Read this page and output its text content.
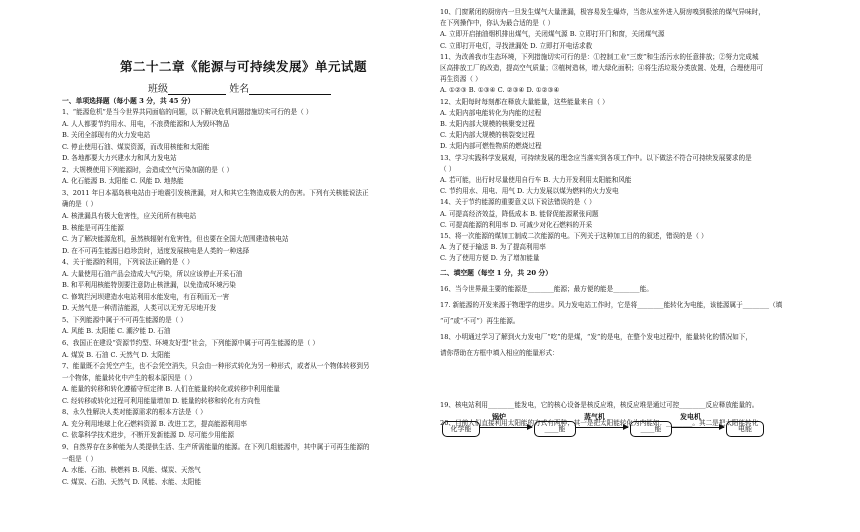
第二十二章《能源与可持续发展》单元试题
班级	姓名
一、单项选择题（每小题 3 分，共 45 分）
1、“能源危机”是当今世界共同面临的问题，以下解决危机问题措施切实可行的是（ ）
A. 人人都要节约用水、用电，不浪费能源和人为毁坏物品
B. 关闭全部现有的火力发电站
C. 停止使用石油、煤炭资源，而改用核能和太阳能
D. 各地都要大力兴建水力和风力发电站
2、大规模使用下列能源时，会造成空气污染加剧的是（ ）
A. 化石能源 B. 太阳能 C. 风能 D. 地热能
3、2011 年日本福岛核电站由于地震引发核泄漏，对人和其它生物造成极大的伤害。下列有关核能说法正
确的是（ ）
A. 核泄漏具有极大危害性，应关闭所有核电站
B. 核能是可再生能源
C. 为了解决能源危机，虽然核辐射有危害性，但也要在全国大范围建造核电站
D. 在不可再生能源日趋珍贵时，适度发展核电是人类的一种选择
4、关于能源的利用，下列说法正确的是（ ）
A. 大量使用石油产品会造成大气污染，所以应该停止开采石油
B. 和平利用核能特别要注意防止核泄漏，以免造成环境污染
C. 修筑拦河坝建造水电站利用水能发电，有百利而无一害
D. 天然气是一种清洁能源，人类可以无穷无尽地开发
5、下列能源中属于不可再生能源的是（ ）
A. 风能 B. 太阳能 C. 潮汐能 D. 石油
6、我国正在建设“资源节约型、环境友好型”社会，下列能源中属于可再生能源的是（ ）
A. 煤炭 B. 石油 C. 天然气 D. 太阳能
7、能量既不会凭空产生，也不会凭空消失，只会由一种形式转化为另一种形式，或者从一个物体转移到另
一个物体，能量转化中产生的根本原因是（ ）
A. 能量的转移和转化遵循守恒定律 B. 人们在能量的转化或转移中利用能量
C. 经转移或转化过程可利用能量增加 D. 能量的转移和转化有方向性
8、永久性解决人类对能源需求的根本方法是（ ）
A. 充分利用地球上化石燃料资源 B. 改进工艺，提高能源利用率
C. 依靠科学技术进步，不断开发新能源 D. 尽可能少用能源
9、自然界存在多种能为人类提供生活、生产所需能量的能源。在下列几组能源中，其中属于可再生能源的
一组是（ ）
A. 水能、石油、核燃料 B. 风能、煤炭、天然气
C. 煤炭、石油、天然气 D. 风能、水能、太阳能
10、门窗紧闭的厨房内一旦发生煤气大量泄漏，极容易发生爆炸，当您从室外进入厨房嗅到极浓的煤气异味时，
在下列操作中，你认为最合适的是（ ）
A. 立即开启抽油烟机排出煤气，关闭煤气源 B. 立即打开门和窗，关闭煤气源
C. 立即打开电灯，寻找泄漏处 D. 立即打开电话求救
11、为改善我市生态环境，下列措施切实可行的是：①控制工业“三废”和生活污水的任意排放；②努力完成城
区高排放工厂的改造，提高空气质量；③植树造林，增大绿化面积；④将生活垃圾分类放置、处理，合理使用可
再生资源（ ）
A. ①②③ B. ①③④ C. ②③④ D. ①②③④
12、太阳每时每刻都在释放大量能量，这些能量来自（ ）
A. 太阳内部电能转化为内能的过程
B. 太阳内部大规模的核聚变过程
C. 太阳内部大规模的核裂变过程
D. 太阳内部可燃性物质的燃烧过程
13、学习实践科学发展观，可持续发展的理念应当落实到各项工作中。以下做法不符合可持续发展要求的是
（ ）
A. 若可能，出行时尽量使用自行车 B. 大力开发利用太阳能和风能
C. 节约用水、用电、用气 D. 大力发展以煤为燃料的火力发电
14、关于节约能源的重要意义以下说法错误的是（ ）
A. 可提高经济效益，降低成本 B. 能督促能源紧张问题
C. 可提高能源的利用率 D. 可减少对化石燃料的开采
15、将一次能源的煤加工制成二次能源的电。下列关于这种加工目的的叙述，错误的是（ ）
A. 为了便于输送 B. 为了提高利用率
C. 为了使用方便 D. 为了增加能量
二、填空题（每空 1 分，共 20 分）
16、当今世界最主要的能源是________能源；最方便的能是________能。
17. 新能源的开发来源于物理学的进步。风力发电站工作时，它是将________能转化为电能，该能源属于________（填
“可”或“不可”）再生能源。
18、小明通过学习了解到火力发电厂“吃”的是煤，“发”的是电，在整个发电过程中，能量转化的情况如下，
请你帮助在方框中填入相应的能量形式：
19、核电站利用________能发电，它的核心设备是核反应堆，核反应堆是通过可控________反应释放能量的。
20、目前人们直接利用太阳能的方式有两种；其一是把太阳能转化为内能如：________。其二是把太阳能转化
化学能
锅炉
____能
蒸气机
____能
发电机
电能
